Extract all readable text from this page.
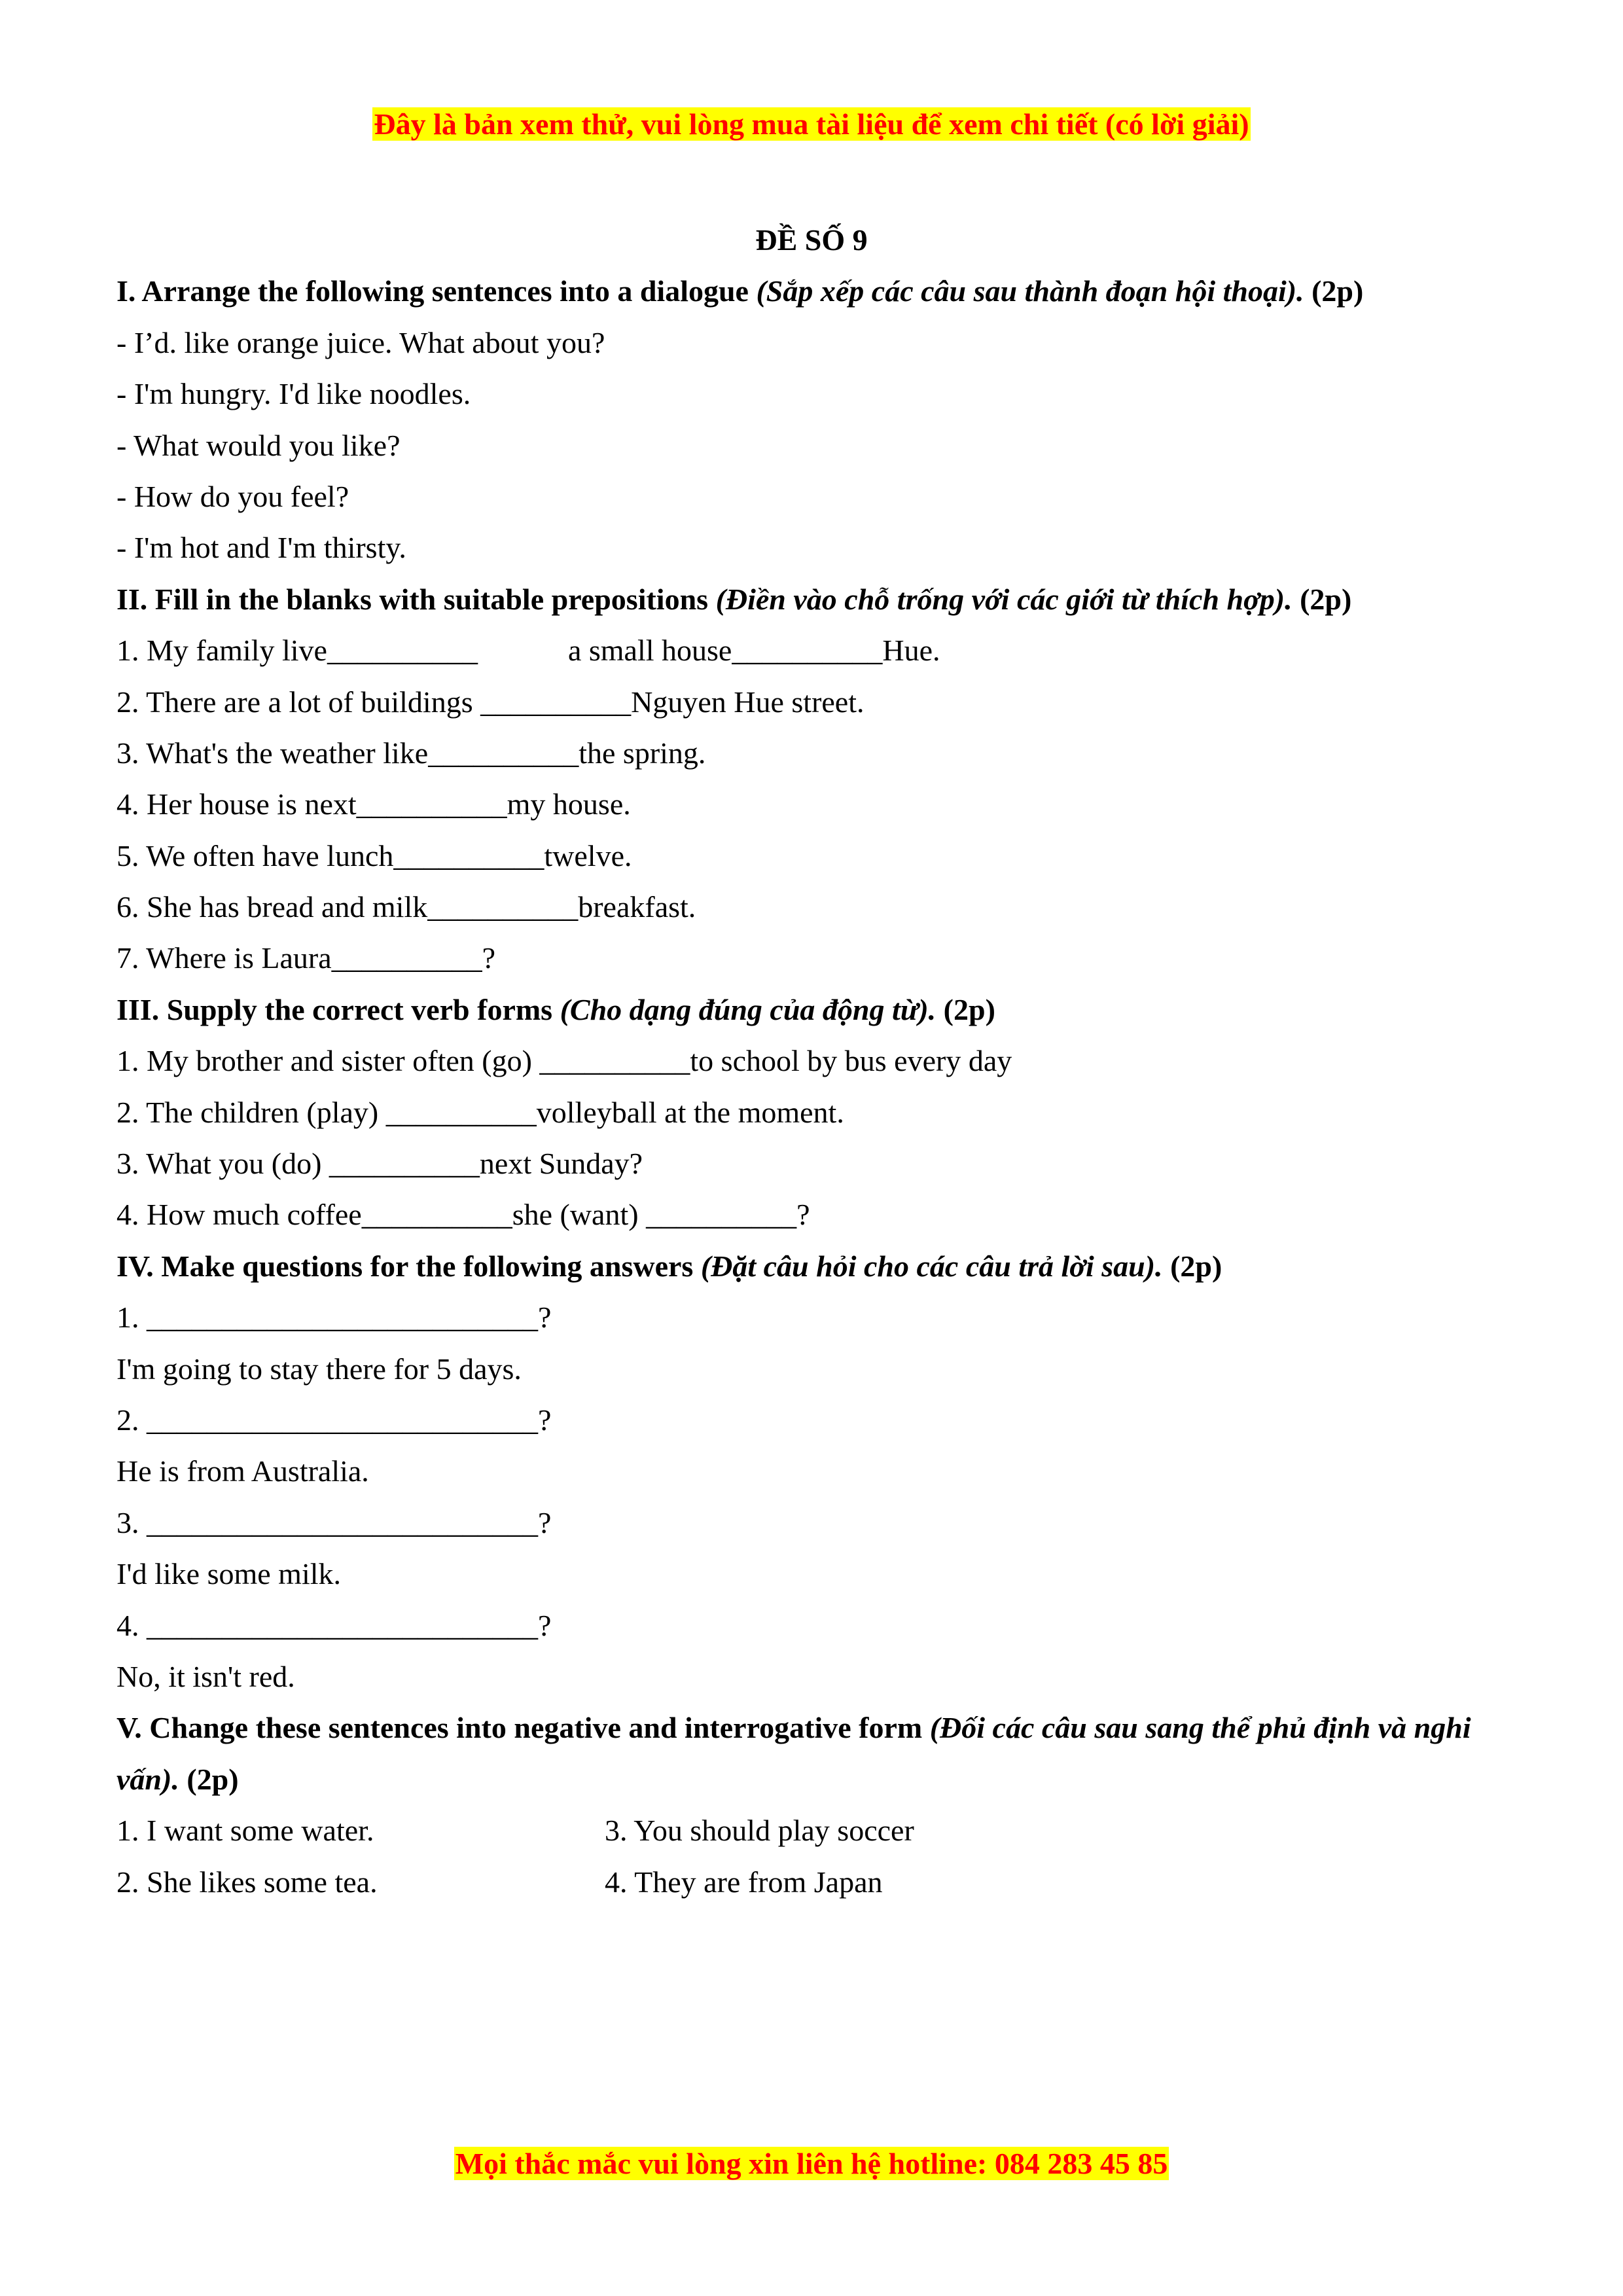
Đây là bản xem thử, vui lòng mua tài liệu để xem chi tiết (có lời giải)
ĐỀ SỐ 9
I. Arrange the following sentences into a dialogue (Sắp xếp các câu sau thành đoạn hội thoại). (2p)
- I’d. like orange juice. What about you?
- I'm hungry. I'd like noodles.
- What would you like?
- How do you feel?
- I'm hot and I'm thirsty.
II. Fill in the blanks with suitable prepositions (Điền vào chỗ trống với các giới từ thích hợp). (2p)
1. My family live__________            a small house__________Hue.
2. There are a lot of buildings __________Nguyen Hue street.
3. What's the weather like__________the spring.
4. Her house is next__________my house.
5. We often have lunch__________twelve.
6. She has bread and milk__________breakfast.
7. Where is Laura__________?
III. Supply the correct verb forms (Cho dạng đúng của động từ). (2p)
1. My brother and sister often (go) __________to school by bus every day
2. The children (play) __________volleyball at the moment.
3. What you (do) __________next Sunday?
4. How much coffee__________she (want) __________?
IV. Make questions for the following answers (Đặt câu hỏi cho các câu trả lời sau). (2p)
1. __________________________?
I'm going to stay there for 5 days.
2. __________________________?
He is from Australia.
3. __________________________?
I'd like some milk.
4. __________________________?
No, it isn't red.
V. Change these sentences into negative and interrogative form (Đối các câu sau sang thể phủ định và nghi vấn). (2p)
1. I want some water.	3. You should play soccer
2. She likes some tea.	4. They are from Japan
Mọi thắc mắc vui lòng xin liên hệ hotline: 084 283 45 85
